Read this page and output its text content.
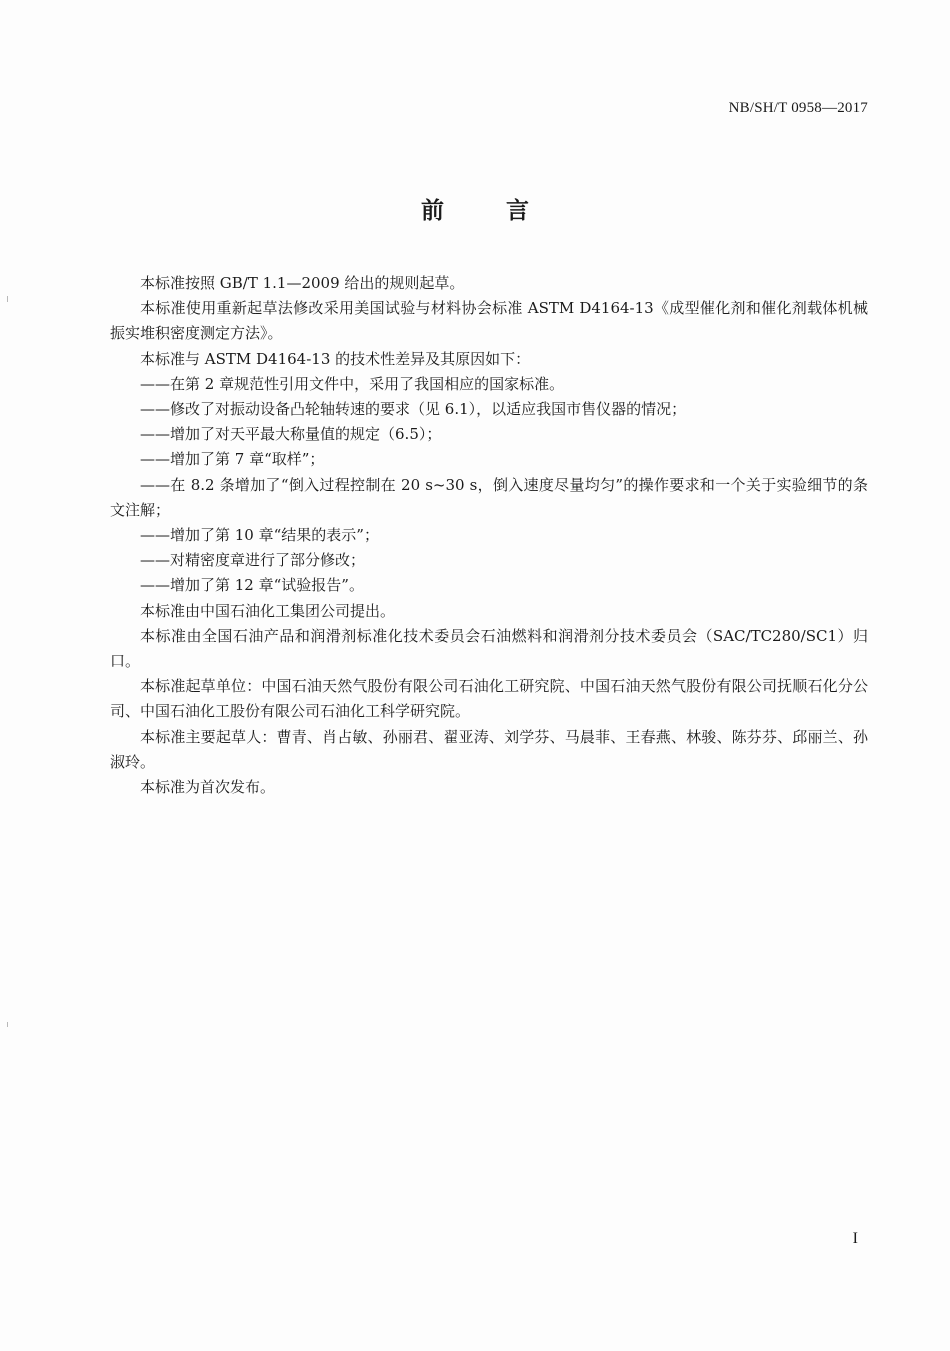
NB/SH/T 0958—2017
前言

本标准按照 GB/T 1.1—2009 给出的规则起草。

本标准使用重新起草法修改采用美国试验与材料协会标准 ASTM D4164-13《成型催化剂和催化剂载体机械振实堆积密度测定方法》。

本标准与 ASTM D4164-13 的技术性差异及其原因如下：

——在第 2 章规范性引用文件中，采用了我国相应的国家标准。

——修改了对振动设备凸轮轴转速的要求（见 6.1），以适应我国市售仪器的情况；

——增加了对天平最大称量值的规定（6.5）；

——增加了第 7 章“取样”；

——在 8.2 条增加了“倒入过程控制在 20 s~30 s，倒入速度尽量均匀”的操作要求和一个关于实验细节的条文注解；

——增加了第 10 章“结果的表示”；

——对精密度章进行了部分修改；

——增加了第 12 章“试验报告”。

本标准由中国石油化工集团公司提出。

本标准由全国石油产品和润滑剂标准化技术委员会石油燃料和润滑剂分技术委员会（SAC/TC280/SC1）归口。

本标准起草单位：中国石油天然气股份有限公司石油化工研究院、中国石油天然气股份有限公司抚顺石化分公司、中国石油化工股份有限公司石油化工科学研究院。

本标准主要起草人：曹青、肖占敏、孙丽君、翟亚涛、刘学芬、马晨菲、王春燕、林骏、陈芬芬、邱丽兰、孙淑玲。

本标准为首次发布。

I
